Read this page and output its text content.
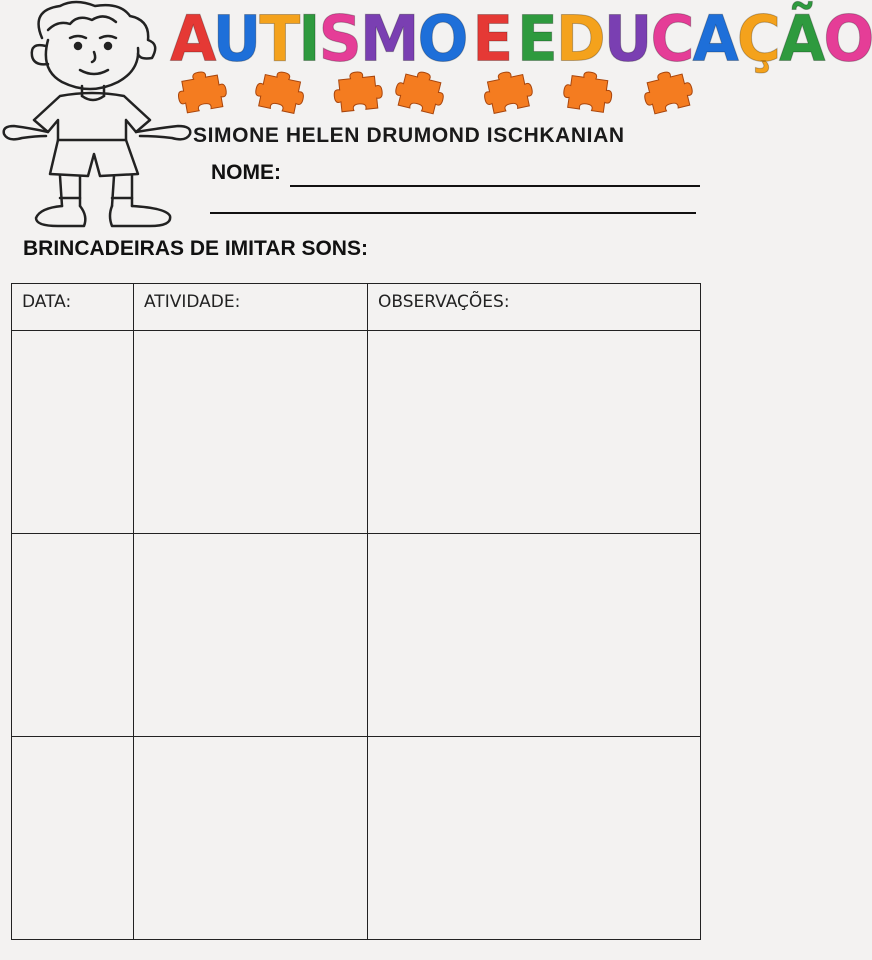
AUTISMO E EDUCAÇÃO
SIMONE HELEN DRUMOND ISCHKANIAN
NOME:
BRINCADEIRAS DE IMITAR SONS:
DATA:	ATIVIDADE:	OBSERVAÇÕES:
